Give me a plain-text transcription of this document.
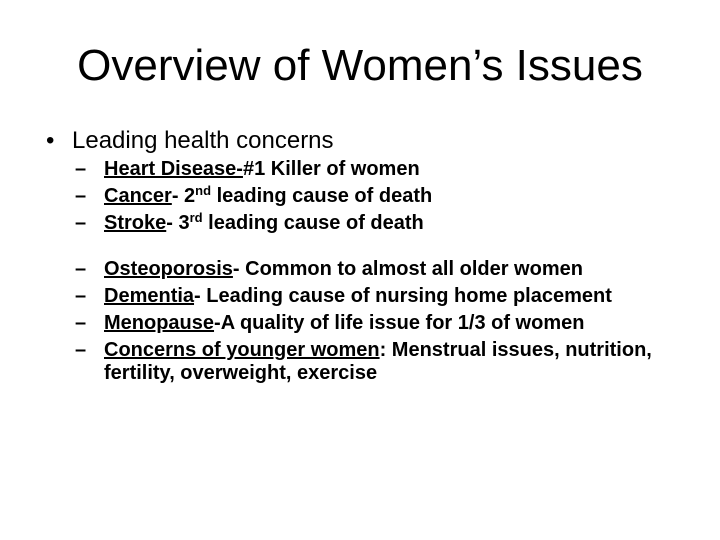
Overview of Women’s Issues
• Leading health concerns
– Heart Disease-#1 Killer of women
– Cancer- 2nd leading cause of death
– Stroke- 3rd leading cause of death
– Osteoporosis- Common to almost all older women
– Dementia- Leading cause of nursing home placement
– Menopause-A quality of life issue for 1/3 of women
– Concerns of younger women: Menstrual issues, nutrition, fertility, overweight, exercise
